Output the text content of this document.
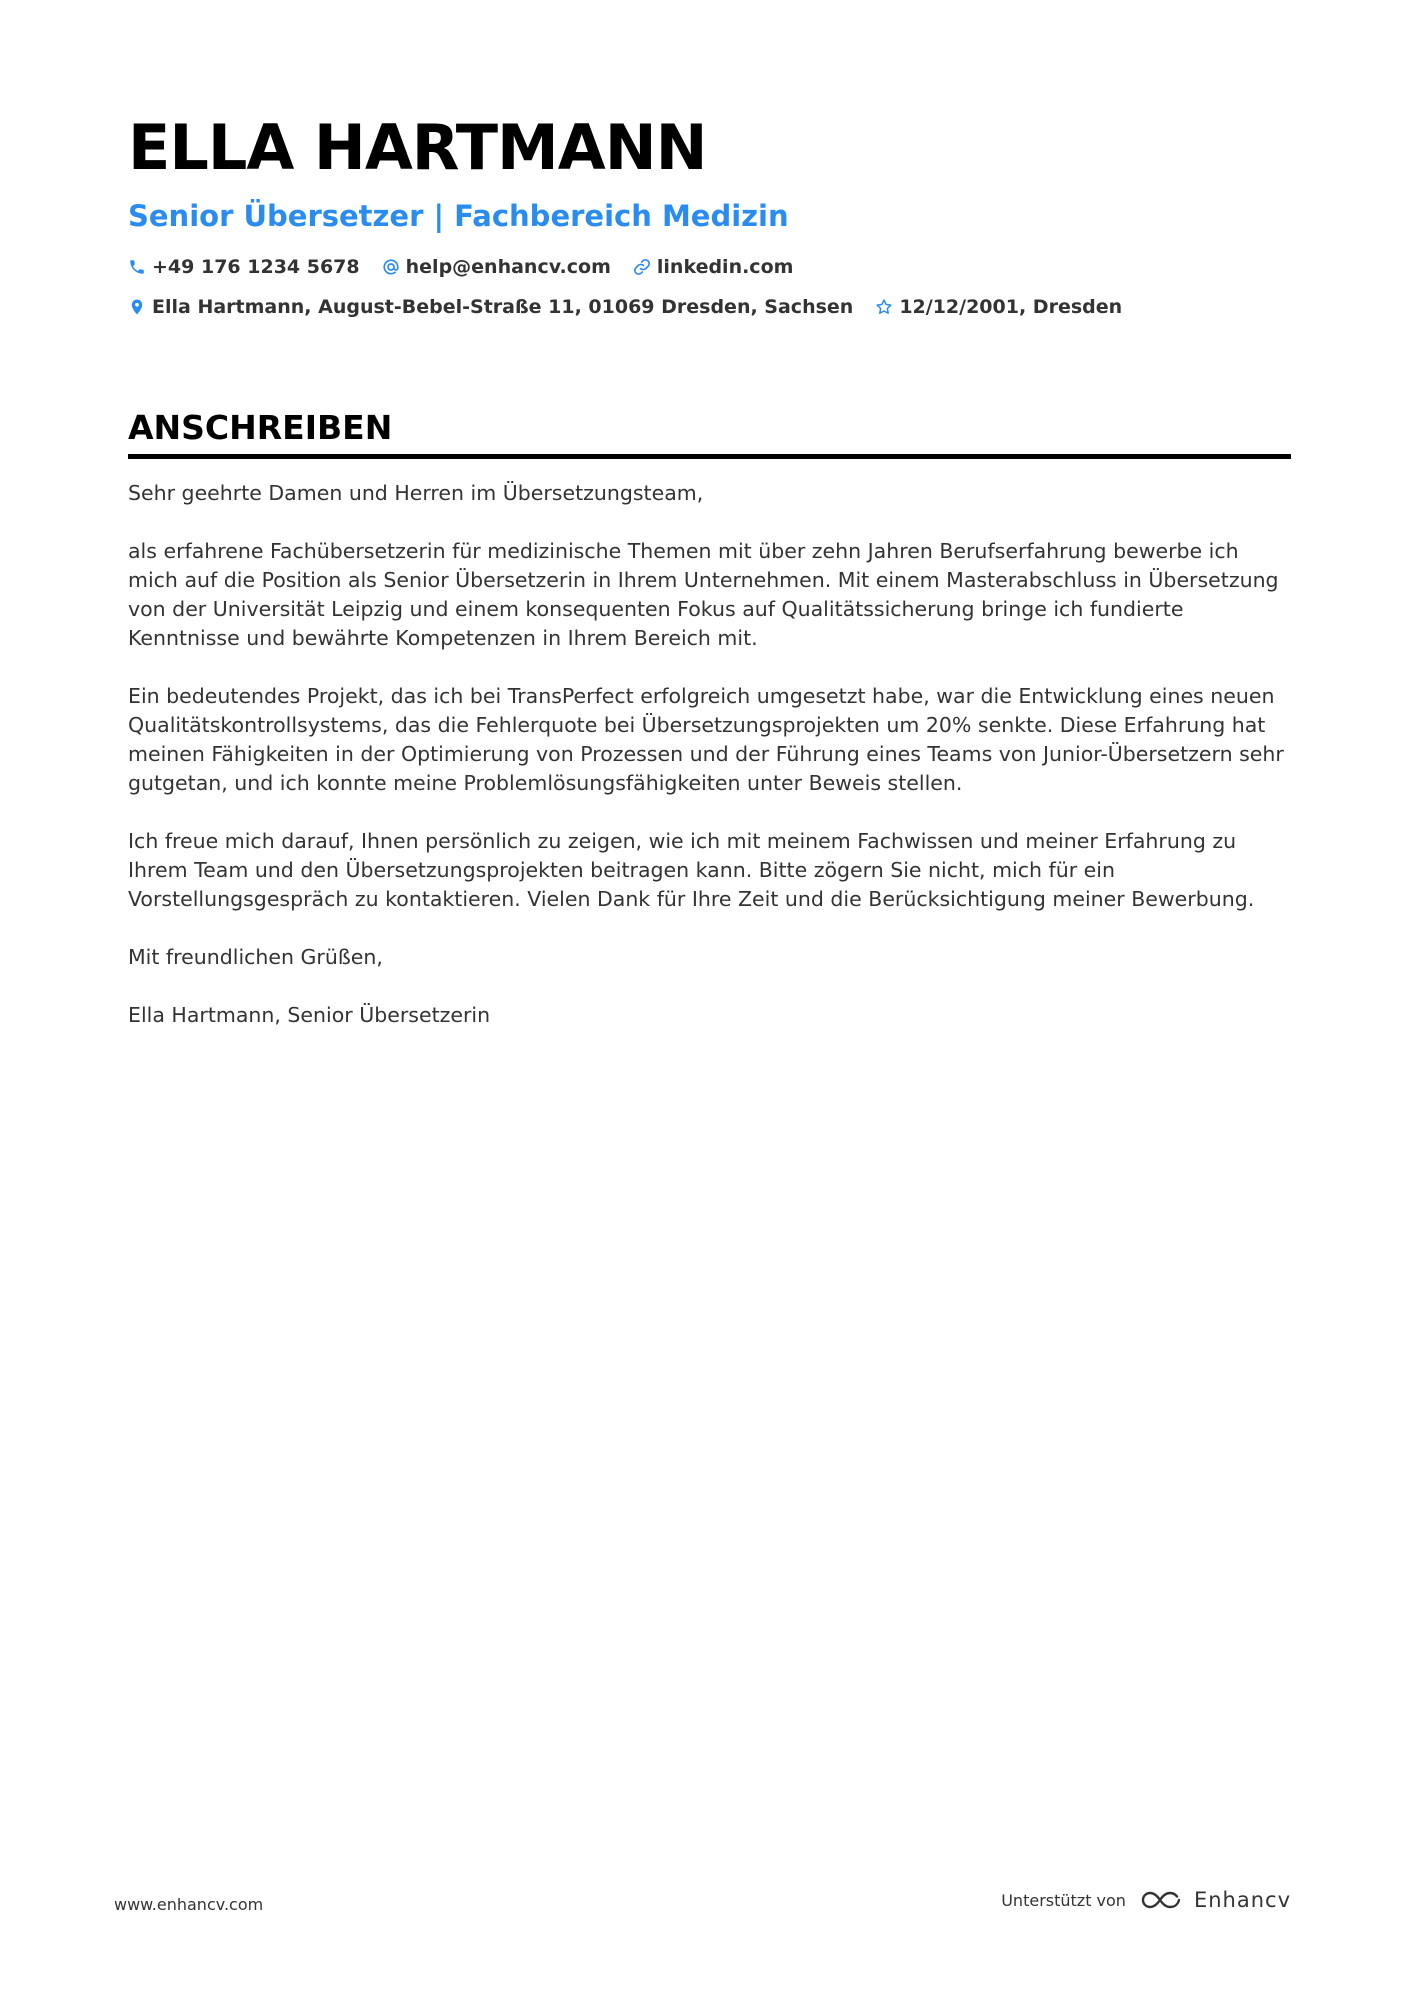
ELLA HARTMANN
Senior Übersetzer | Fachbereich Medizin
+49 176 1234 5678 help@enhancv.com linkedin.com
Ella Hartmann, August-Bebel-Straße 11, 01069 Dresden, Sachsen 12/12/2001, Dresden
ANSCHREIBEN

Sehr geehrte Damen und Herren im Übersetzungsteam,

als erfahrene Fachübersetzerin für medizinische Themen mit über zehn Jahren Berufserfahrung bewerbe ich mich auf die Position als Senior Übersetzerin in Ihrem Unternehmen. Mit einem Masterabschluss in Übersetzung von der Universität Leipzig und einem konsequenten Fokus auf Qualitätssicherung bringe ich fundierte Kenntnisse und bewährte Kompetenzen in Ihrem Bereich mit.

Ein bedeutendes Projekt, das ich bei TransPerfect erfolgreich umgesetzt habe, war die Entwicklung eines neuen Qualitätskontrollsystems, das die Fehlerquote bei Übersetzungsprojekten um 20% senkte. Diese Erfahrung hat meinen Fähigkeiten in der Optimierung von Prozessen und der Führung eines Teams von Junior-Übersetzern sehr gutgetan, und ich konnte meine Problemlösungsfähigkeiten unter Beweis stellen.

Ich freue mich darauf, Ihnen persönlich zu zeigen, wie ich mit meinem Fachwissen und meiner Erfahrung zu Ihrem Team und den Übersetzungsprojekten beitragen kann. Bitte zögern Sie nicht, mich für ein Vorstellungsgespräch zu kontaktieren. Vielen Dank für Ihre Zeit und die Berücksichtigung meiner Bewerbung.

Mit freundlichen Grüßen,

Ella Hartmann, Senior Übersetzerin

www.enhancv.com	Unterstützt von	Enhancv
